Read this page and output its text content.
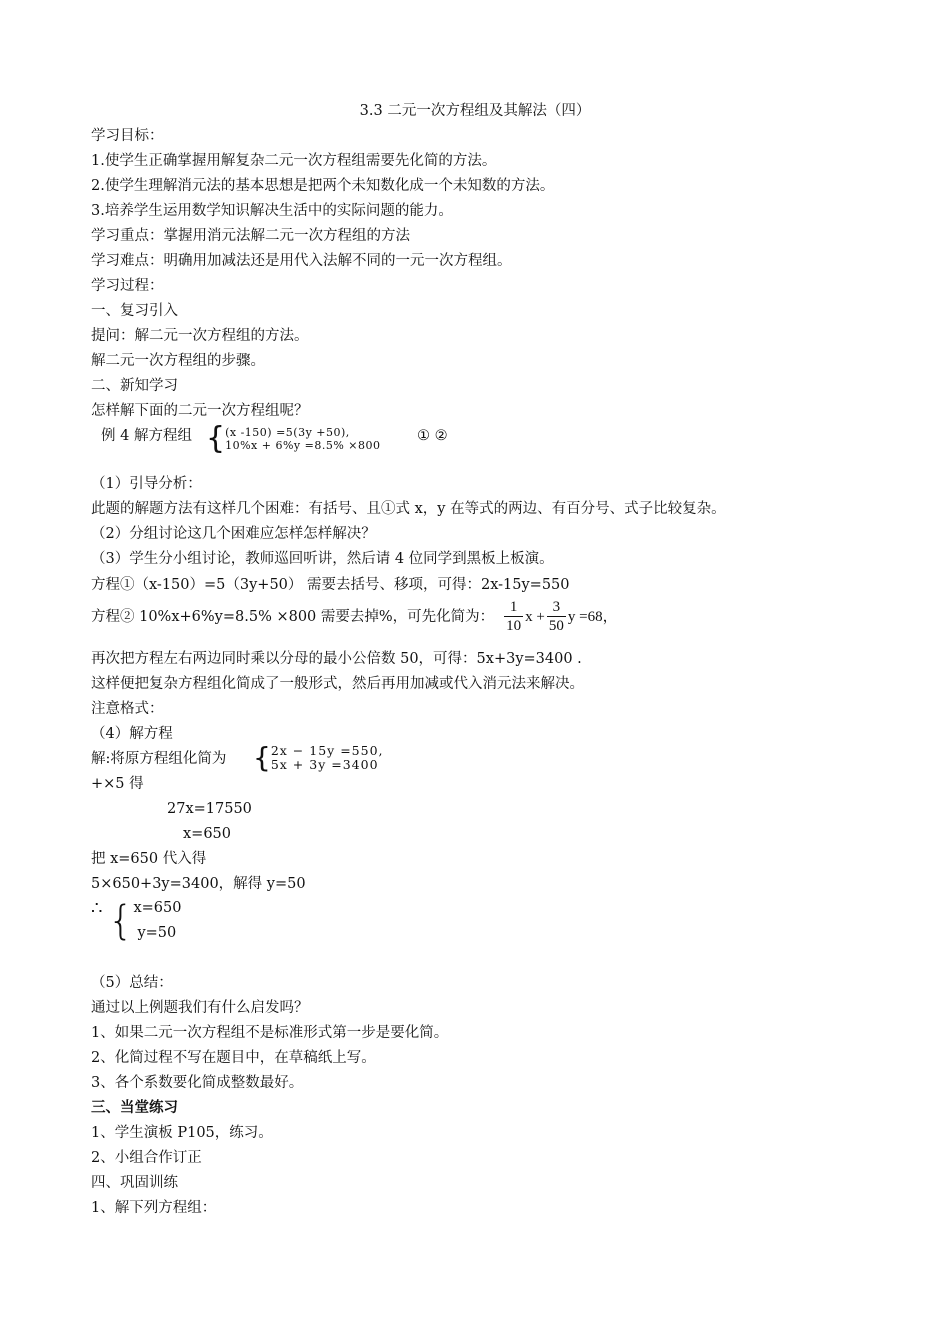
3.3 二元一次方程组及其解法（四）
学习目标：
1.使学生正确掌握用解复杂二元一次方程组需要先化简的方法。
2.使学生理解消元法的基本思想是把两个未知数化成一个未知数的方法。
3.培养学生运用数学知识解决生活中的实际问题的能力。
学习重点：掌握用消元法解二元一次方程组的方法
学习难点：明确用加减法还是用代入法解不同的一元一次方程组。
学习过程：
一、复习引入
提问：解二元一次方程组的方法。
解二元一次方程组的步骤。
二、新知学习
怎样解下面的二元一次方程组呢？
例 4 解方程组 { (x -150) =5(3y +50),
10%x + 6%y =8.5% ×800
① ②
（1）引导分析：
此题的解题方法有这样几个困难：有括号、且①式 x，y 在等式的两边、有百分号、式子比较复杂。
（2）分组讨论这几个困难应怎样怎样解决？
（3）学生分小组讨论，教师巡回听讲，然后请 4 位同学到黑板上板演。
方程①（x-150）=5（3y+50） 需要去括号、移项，可得：2x-15y=550
方程② 10%x+6%y=8.5% ×800 需要去掉%，可先化简为： $\frac{1}{10}$ $x + \frac{3}{50}$ y =68，
再次把方程左右两边同时乘以分母的最小公倍数 50，可得：5x+3y=3400 .
这样便把复杂方程组化简成了一般形式，然后再用加减或代入消元法来解决。
注意格式：
（4）解方程
解:将原方程组化简为 { 2x − 15y =550,
5x + 3y =3400
+×5 得
27x=17550
x=650
把 x=650 代入得
5×650+3y=3400，解得 y=50
∴ { x=650
y=50
（5）总结：
通过以上例题我们有什么启发吗？
1、如果二元一次方程组不是标准形式第一步是要化简。
2、化简过程不写在题目中，在草稿纸上写。
3、各个系数要化简成整数最好。
三、当堂练习
1、学生演板 P105，练习。
2、小组合作订正
四、巩固训练
1、解下列方程组：
